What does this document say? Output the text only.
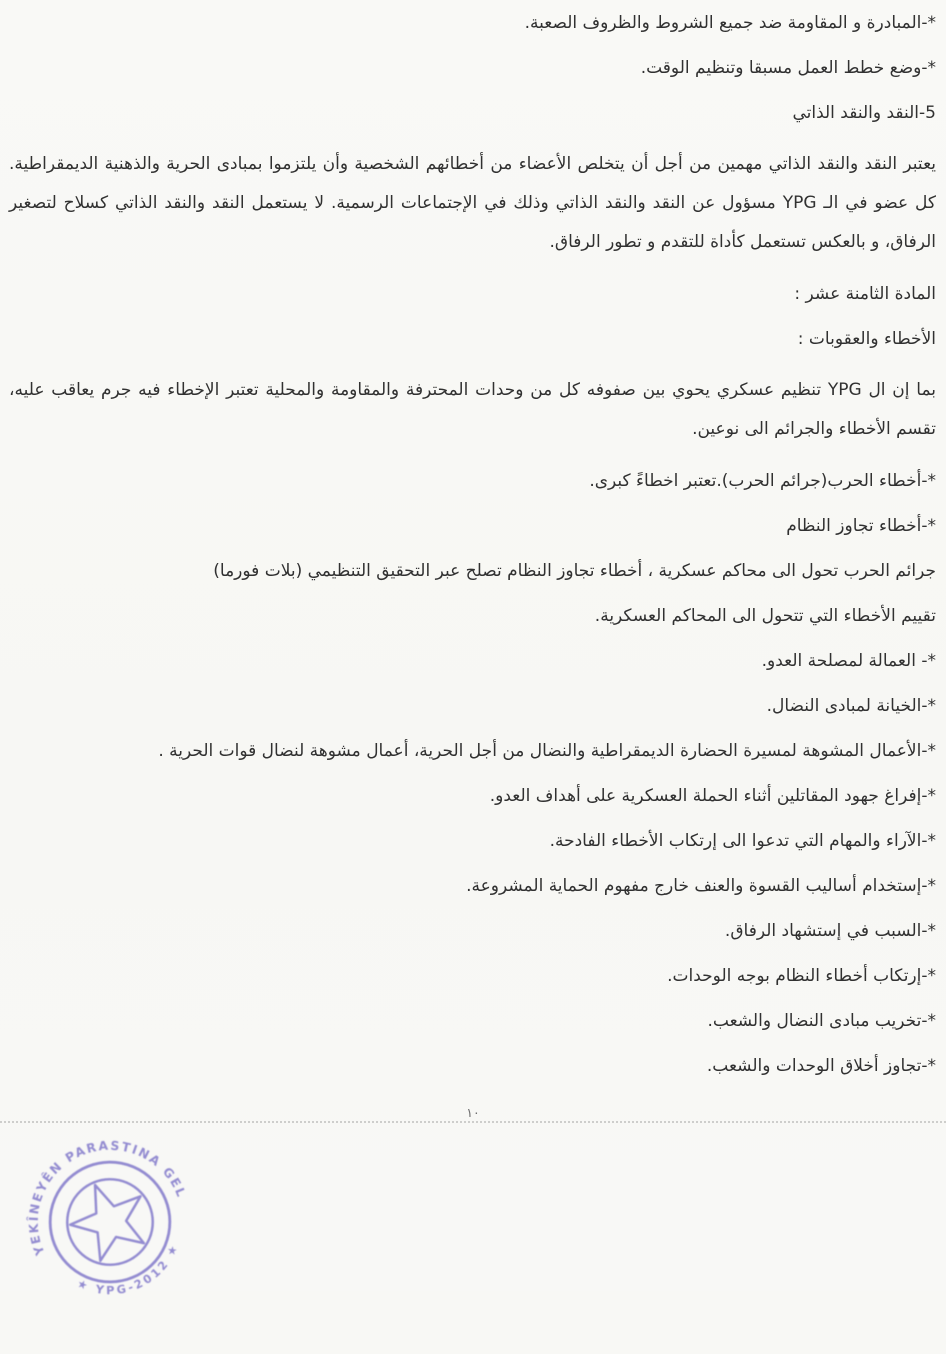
*-المبادرة و المقاومة ضد جميع الشروط والظروف الصعبة.
*-وضع خطط العمل مسبقا وتنظيم الوقت.
5-النقد والنقد الذاتي
يعتبر النقد والنقد الذاتي مهمين من أجل أن يتخلص الأعضاء من أخطائهم الشخصية وأن يلتزموا بمبادى الحرية والذهنية الديمقراطية. كل عضو في الـ YPG مسؤول عن النقد والنقد الذاتي وذلك في الإجتماعات الرسمية. لا يستعمل النقد والنقد الذاتي كسلاح لتصغير الرفاق، و بالعكس تستعمل كأداة للتقدم و تطور الرفاق.
المادة الثامنة عشر :
الأخطاء والعقوبات :
بما إن ال YPG تنظيم عسكري يحوي بين صفوفه كل من وحدات المحترفة والمقاومة والمحلية تعتبر الإخطاء فيه جرم يعاقب عليه، تقسم الأخطاء والجرائم الى نوعين.
*-أخطاء الحرب(جرائم الحرب).تعتبر اخطاءً كبرى.
*-أخطاء تجاوز النظام
جرائم الحرب تحول الى محاكم عسكرية ، أخطاء تجاوز النظام تصلح عبر التحقيق التنظيمي (بلات فورما)
تقييم الأخطاء التي تتحول الى المحاكم العسكرية.
*- العمالة لمصلحة العدو.
*-الخيانة لمبادى النضال.
*-الأعمال المشوهة لمسيرة الحضارة الديمقراطية والنضال من أجل الحرية، أعمال مشوهة لنضال قوات الحرية .
*-إفراغ جهود المقاتلين أثناء الحملة العسكرية على أهداف العدو.
*-الآراء والمهام التي تدعوا الى إرتكاب الأخطاء الفادحة.
*-إستخدام أساليب القسوة والعنف خارج مفهوم الحماية المشروعة.
*-السبب في إستشهاد الرفاق.
*-إرتكاب أخطاء النظام بوجه الوحدات.
*-تخريب مبادى النضال والشعب.
*-تجاوز أخلاق الوحدات والشعب.
١٠
YEKÎNEYÊN PARASTINA GEL
★ YPG-2012 ★
